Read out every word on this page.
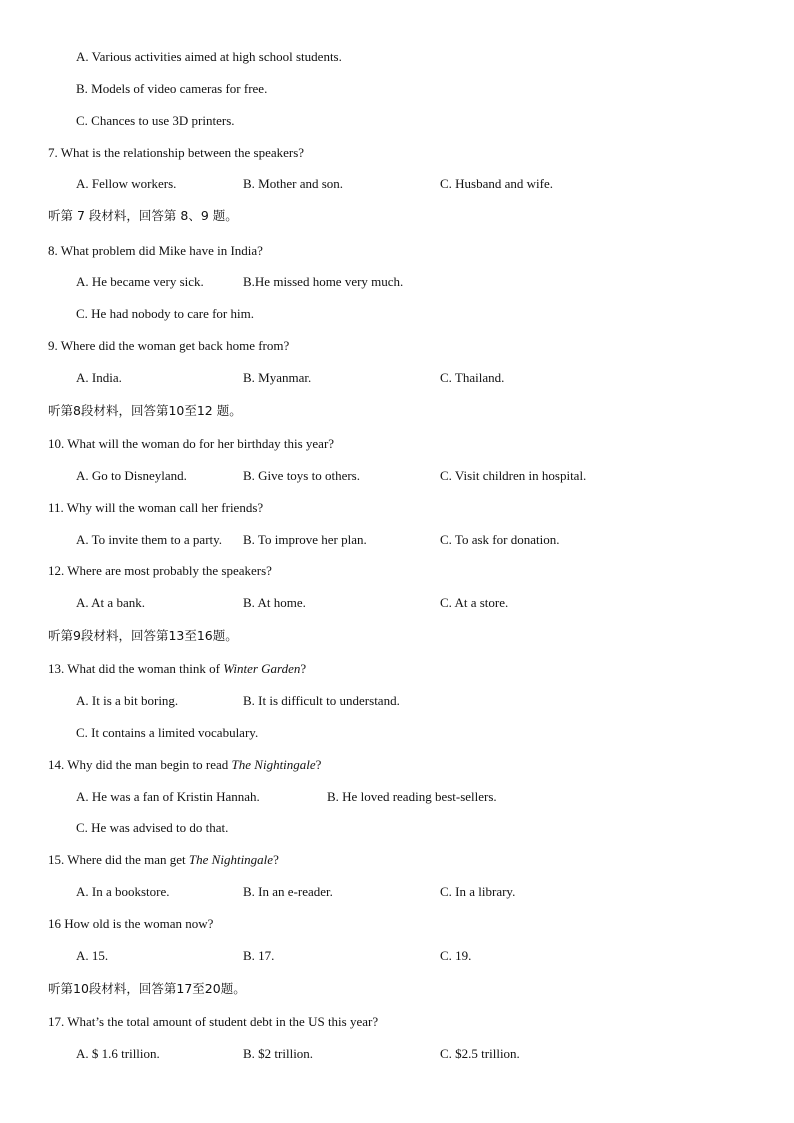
A. Various activities aimed at high school students.
B. Models of video cameras for free.
C. Chances to use 3D printers.
7. What is the relationship between the speakers?
A. Fellow workers.	B. Mother and son.	C. Husband and wife.
听第 7 段材料，回答第 8、9 题。
8. What problem did Mike have in India?
A. He became very sick.	B.He missed home very much.
C. He had nobody to care for him.
9. Where did the woman get back home from?
A. India.	B. Myanmar.	C. Thailand.
听第8段材料，回答第10至12 题。
10. What will the woman do for her birthday this year?
A. Go to Disneyland.	B. Give toys to others.	C. Visit children in hospital.
11. Why will the woman call her friends?
A. To invite them to a party. B. To improve her plan.	C. To ask for donation.
12. Where are most probably the speakers?
A. At a bank.	B. At home.	C. At a store.
听第9段材料，回答第13至16题。
13. What did the woman think of Winter Garden?
A. It is a bit boring.	B. It is difficult to understand.
C. It contains a limited vocabulary.
14. Why did the man begin to read The Nightingale?
A. He was a fan of Kristin Hannah.	B. He loved reading best-sellers.
C. He was advised to do that.
15. Where did the man get The Nightingale?
A. In a bookstore.	B. In an e-reader.	C. In a library.
16 How old is the woman now?
A. 15.	B. 17.	C. 19.
听第10段材料，回答第17至20题。
17. What’s the total amount of student debt in the US this year?
A. $ 1.6 trillion.	B. $2 trillion.	C. $2.5 trillion.
